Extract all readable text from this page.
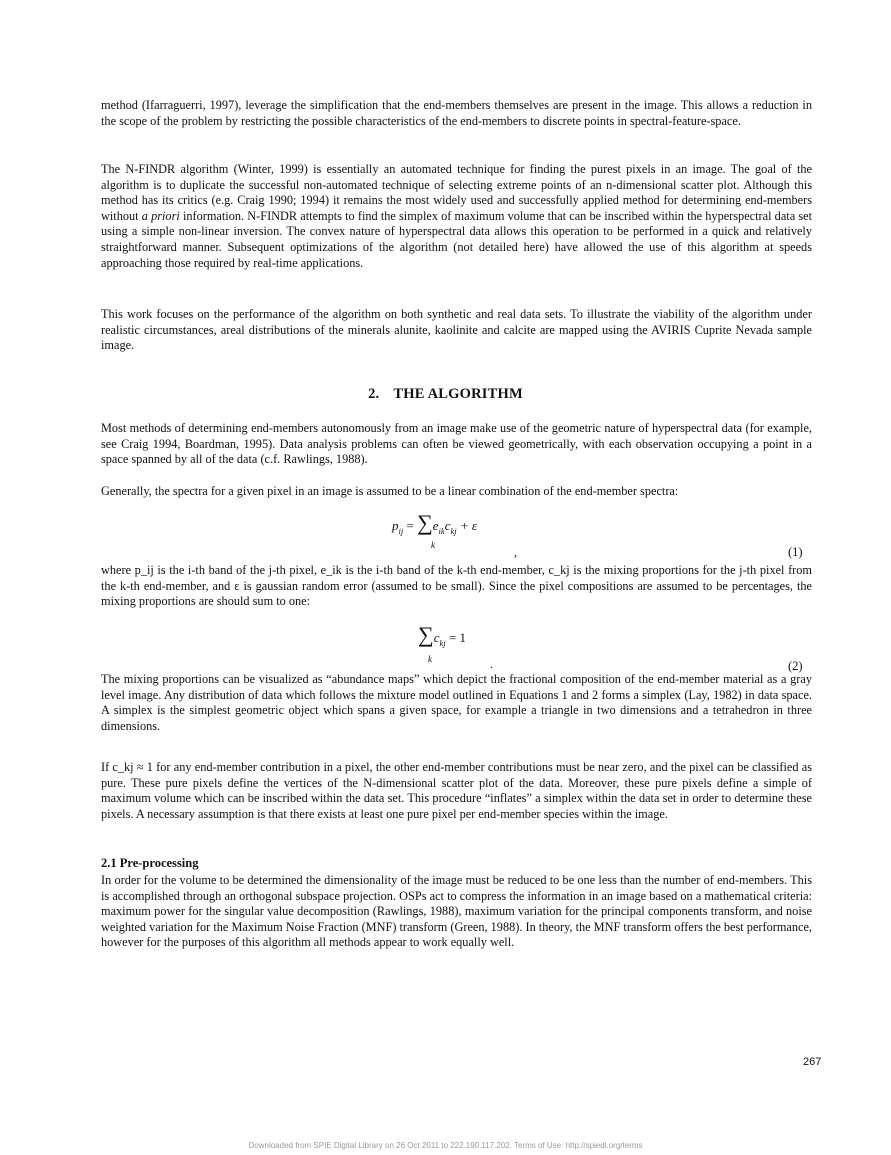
method (Ifarraguerri, 1997), leverage the simplification that the end-members themselves are present in the image. This allows a reduction in the scope of the problem by restricting the possible characteristics of the end-members to discrete points in spectral-feature-space.

The N-FINDR algorithm (Winter, 1999) is essentially an automated technique for finding the purest pixels in an image. The goal of the algorithm is to duplicate the successful non-automated technique of selecting extreme points of an n-dimensional scatter plot. Although this method has its critics (e.g. Craig 1990; 1994) it remains the most widely used and successfully applied method for determining end-members without a priori information. N-FINDR attempts to find the simplex of maximum volume that can be inscribed within the hyperspectral data set using a simple non-linear inversion. The convex nature of hyperspectral data allows this operation to be performed in a quick and relatively straightforward manner. Subsequent optimizations of the algorithm (not detailed here) have allowed the use of this algorithm at speeds approaching those required by real-time applications.

This work focuses on the performance of the algorithm on both synthetic and real data sets. To illustrate the viability of the algorithm under realistic circumstances, areal distributions of the minerals alunite, kaolinite and calcite are mapped using the AVIRIS Cuprite Nevada sample image.

2. THE ALGORITHM

Most methods of determining end-members autonomously from an image make use of the geometric nature of hyperspectral data (for example, see Craig 1994, Boardman, 1995). Data analysis problems can often be viewed geometrically, with each observation occupying a point in a space spanned by all of the data (c.f. Rawlings, 1988).

Generally, the spectra for a given pixel in an image is assumed to be a linear combination of the end-member spectra:

$p_{ij} = \sum e_{ik}c_{kj} + \varepsilon$
k	,	(1)

where p_ij is the i-th band of the j-th pixel, e_ik is the i-th band of the k-th end-member, c_kj is the mixing proportions for the j-th pixel from the k-th end-member, and ε is gaussian random error (assumed to be small). Since the pixel compositions are assumed to be percentages, the mixing proportions are should sum to one:

$\sum c_{kj} = 1$
k	.	(2)

The mixing proportions can be visualized as “abundance maps” which depict the fractional composition of the end-member material as a gray level image. Any distribution of data which follows the mixture model outlined in Equations 1 and 2 forms a simplex (Lay, 1982) in data space. A simplex is the simplest geometric object which spans a given space, for example a triangle in two dimensions and a tetrahedron in three dimensions.

If c_kj ≈ 1 for any end-member contribution in a pixel, the other end-member contributions must be near zero, and the pixel can be classified as pure. These pure pixels define the vertices of the N-dimensional scatter plot of the data. Moreover, these pure pixels define a simple of maximum volume which can be inscribed within the data set. This procedure “inflates” a simplex within the data set in order to determine these pixels. A necessary assumption is that there exists at least one pure pixel per end-member species within the image.

2.1 Pre-processing

In order for the volume to be determined the dimensionality of the image must be reduced to be one less than the number of end-members. This is accomplished through an orthogonal subspace projection. OSPs act to compress the information in an image based on a mathematical criteria: maximum power for the singular value decomposition (Rawlings, 1988), maximum variation for the principal components transform, and noise weighted variation for the Maximum Noise Fraction (MNF) transform (Green, 1988). In theory, the MNF transform offers the best performance, however for the purposes of this algorithm all methods appear to work equally well.

267
Downloaded from SPIE Digital Library on 26 Oct 2011 to 222.190.117.202. Terms of Use: http://spiedl.org/terms
